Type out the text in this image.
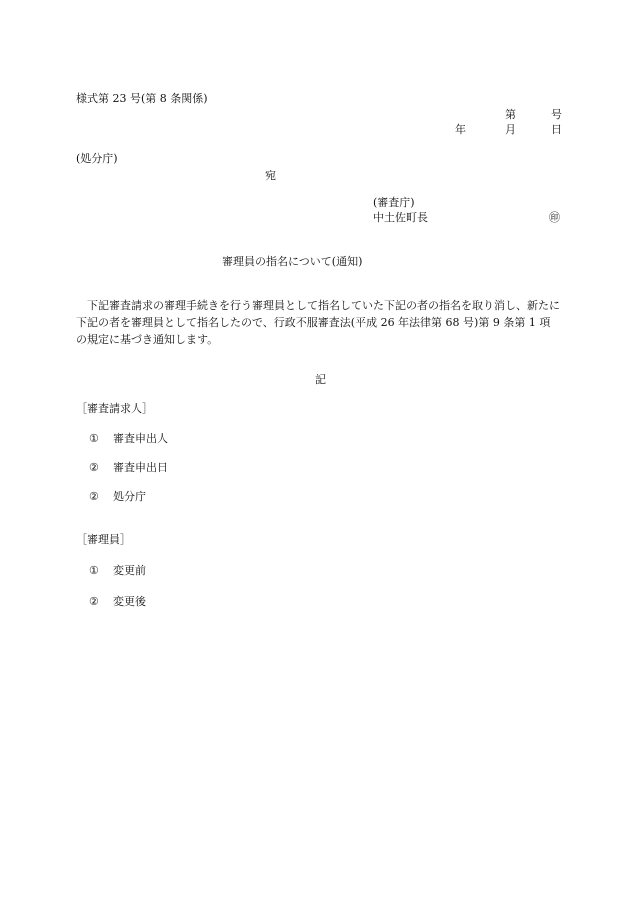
様式第 23 号(第 8 条関係)
第	号
年	月	日
(処分庁)
宛
(審査庁)
中土佐町長	㊞
審理員の指名について(通知)
下記審査請求の審理手続きを行う審理員として指名していた下記の者の指名を取り消し、新たに下記の者を審理員として指名したので、行政不服審査法(平成 26 年法律第 68 号)第 9 条第 1 項の規定に基づき通知します。
記
［審査請求人］
① 審査申出人
② 審査申出日
② 処分庁
［審理員］
① 変更前
② 変更後
